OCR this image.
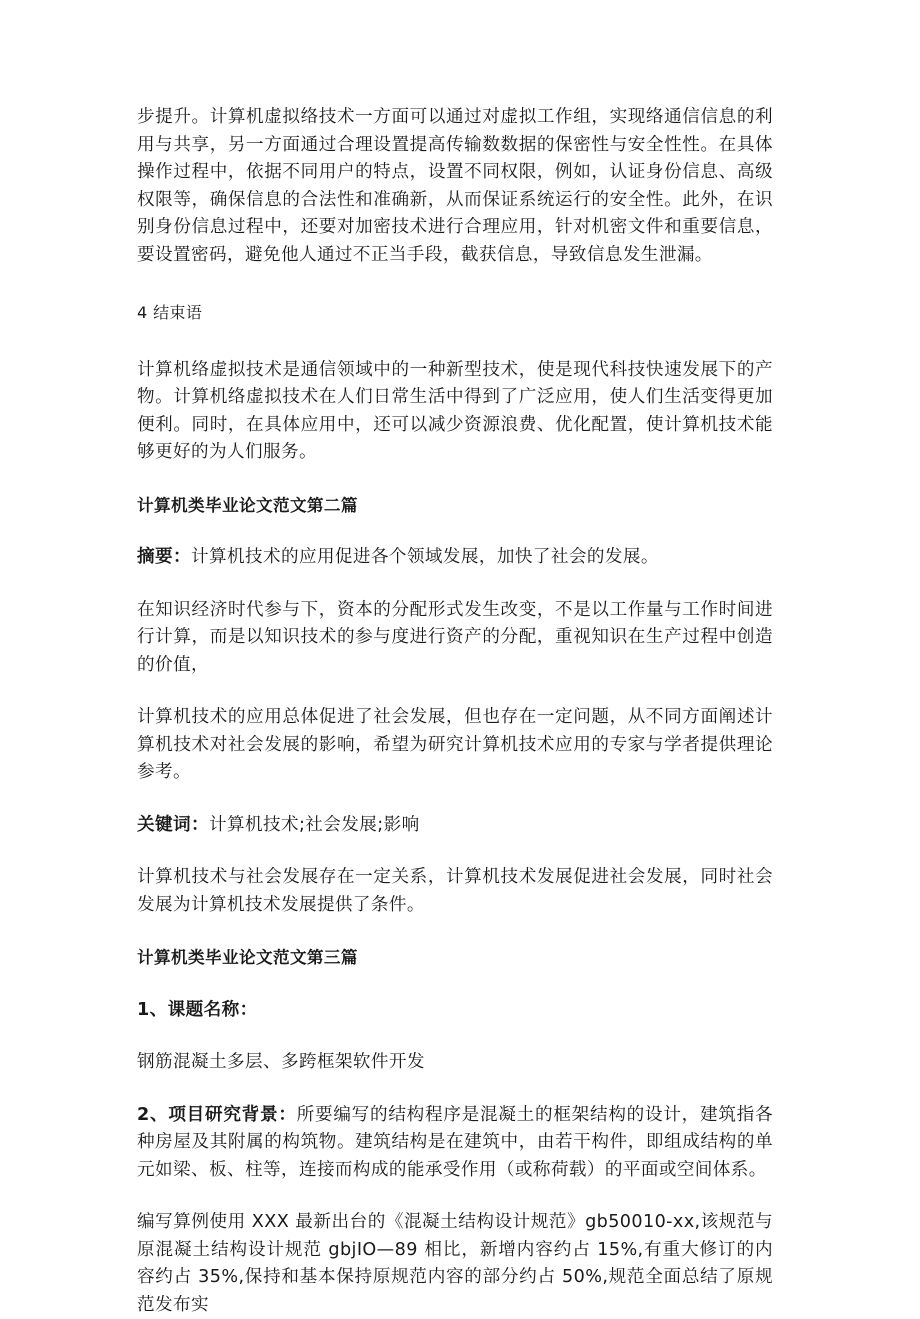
步提升。计算机虚拟络技术一方面可以通过对虚拟工作组，实现络通信信息的利用与共享，另一方面通过合理设置提高传输数数据的保密性与安全性性。在具体操作过程中，依据不同用户的特点，设置不同权限，例如，认证身份信息、高级权限等，确保信息的合法性和准确新，从而保证系统运行的安全性。此外，在识别身份信息过程中，还要对加密技术进行合理应用，针对机密文件和重要信息，要设置密码，避免他人通过不正当手段，截获信息，导致信息发生泄漏。

4 结束语

计算机络虚拟技术是通信领域中的一种新型技术，使是现代科技快速发展下的产物。计算机络虚拟技术在人们日常生活中得到了广泛应用，使人们生活变得更加便利。同时，在具体应用中，还可以减少资源浪费、优化配置，使计算机技术能够更好的为人们服务。

计算机类毕业论文范文第二篇

摘要：计算机技术的应用促进各个领域发展，加快了社会的发展。

在知识经济时代参与下，资本的分配形式发生改变，不是以工作量与工作时间进行计算，而是以知识技术的参与度进行资产的分配，重视知识在生产过程中创造的价值，

计算机技术的应用总体促进了社会发展，但也存在一定问题，从不同方面阐述计算机技术对社会发展的影响，希望为研究计算机技术应用的专家与学者提供理论参考。

关键词：计算机技术;社会发展;影响

计算机技术与社会发展存在一定关系，计算机技术发展促进社会发展，同时社会发展为计算机技术发展提供了条件。

计算机类毕业论文范文第三篇

1、课题名称：

钢筋混凝土多层、多跨框架软件开发

2、项目研究背景：所要编写的结构程序是混凝土的框架结构的设计，建筑指各种房屋及其附属的构筑物。建筑结构是在建筑中，由若干构件，即组成结构的单元如梁、板、柱等，连接而构成的能承受作用（或称荷载）的平面或空间体系。

编写算例使用 XXX 最新出台的《混凝土结构设计规范》gb50010-xx,该规范与原混凝土结构设计规范 gbjIO—89 相比，新增内容约占 15%,有重大修订的内容约占 35%,保持和基本保持原规范内容的部分约占 50%,规范全面总结了原规范发布实
